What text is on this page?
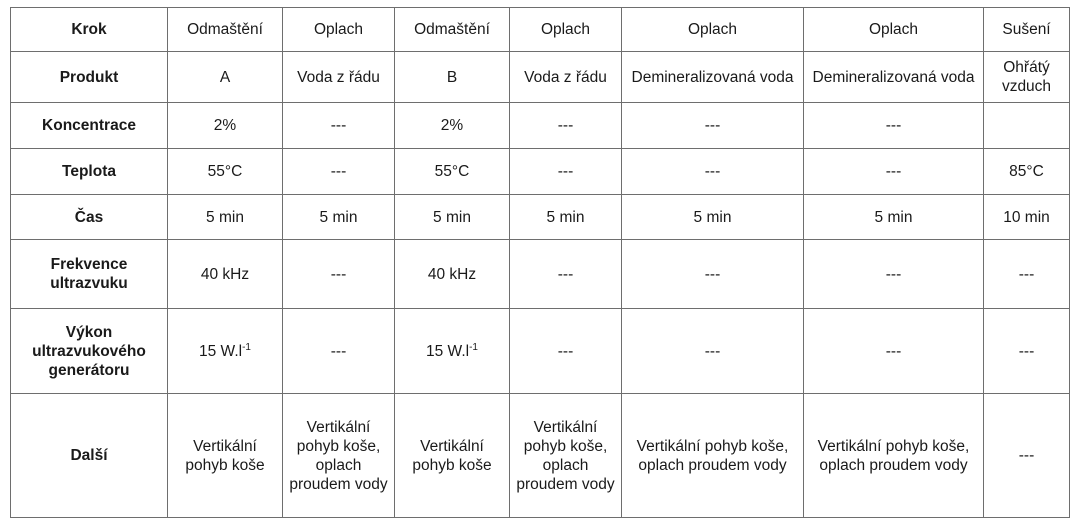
Krok	Odmaštění	Oplach	Odmaštění	Oplach	Oplach	Oplach	Sušení
Produkt	A	Voda z řádu	B	Voda z řádu	Demineralizovaná voda	Demineralizovaná voda	Ohřátý vzduch
Koncentrace	2%	---	2%	---	---	---	
Teplota	55°C	---	55°C	---	---	---	85°C
Čas	5 min	5 min	5 min	5 min	5 min	5 min	10 min
Frekvence ultrazvuku	40 kHz	---	40 kHz	---	---	---	---
Výkon ultrazvukového generátoru	15 $W.l^{-1}$	---	15 $W.l^{-1}$	---	---	---	---
Další	Vertikální pohyb koše	Vertikální pohyb koše, oplach proudem vody	Vertikální pohyb koše	Vertikální pohyb koše, oplach proudem vody	Vertikální pohyb koše, oplach proudem vody	Vertikální pohyb koše, oplach proudem vody	---
